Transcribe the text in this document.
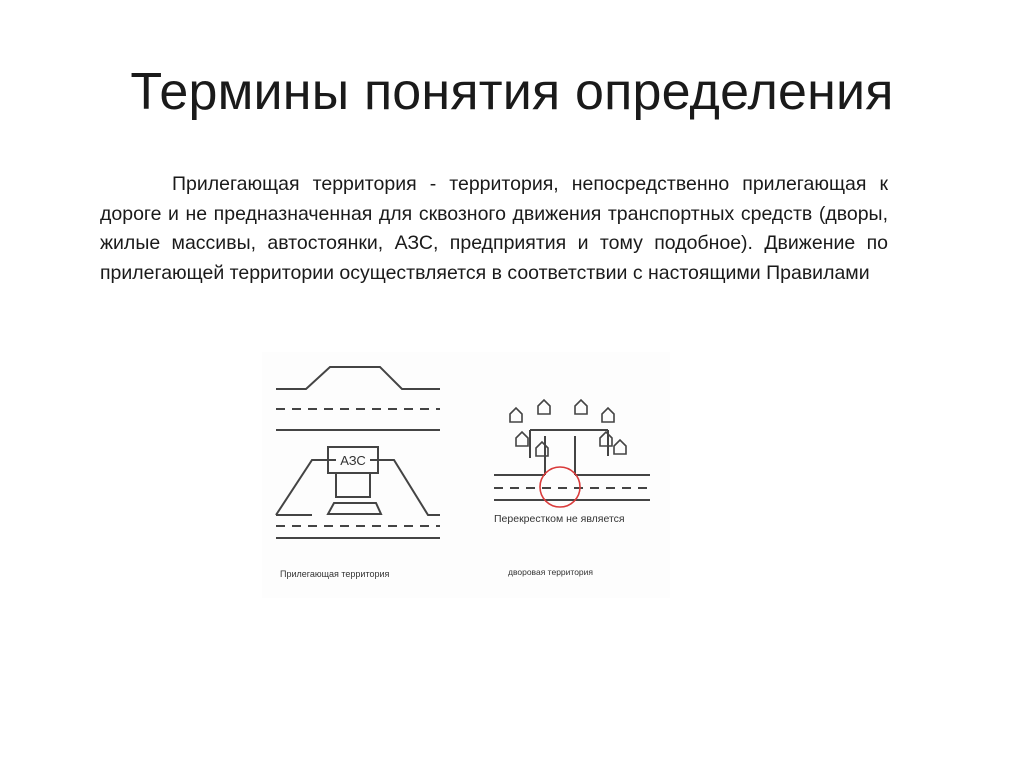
Термины понятия определения

Прилегающая территория - территория, непосредственно прилегающая к дороге и не предназначенная для сквозного движения транспортных средств (дворы, жилые массивы, автостоянки, АЗС, предприятия и тому подобное). Движение по прилегающей территории осуществляется в соответствии с настоящими Правилами

АЗС
Прилегающая территория
Перекрестком не является
дворовая территория
